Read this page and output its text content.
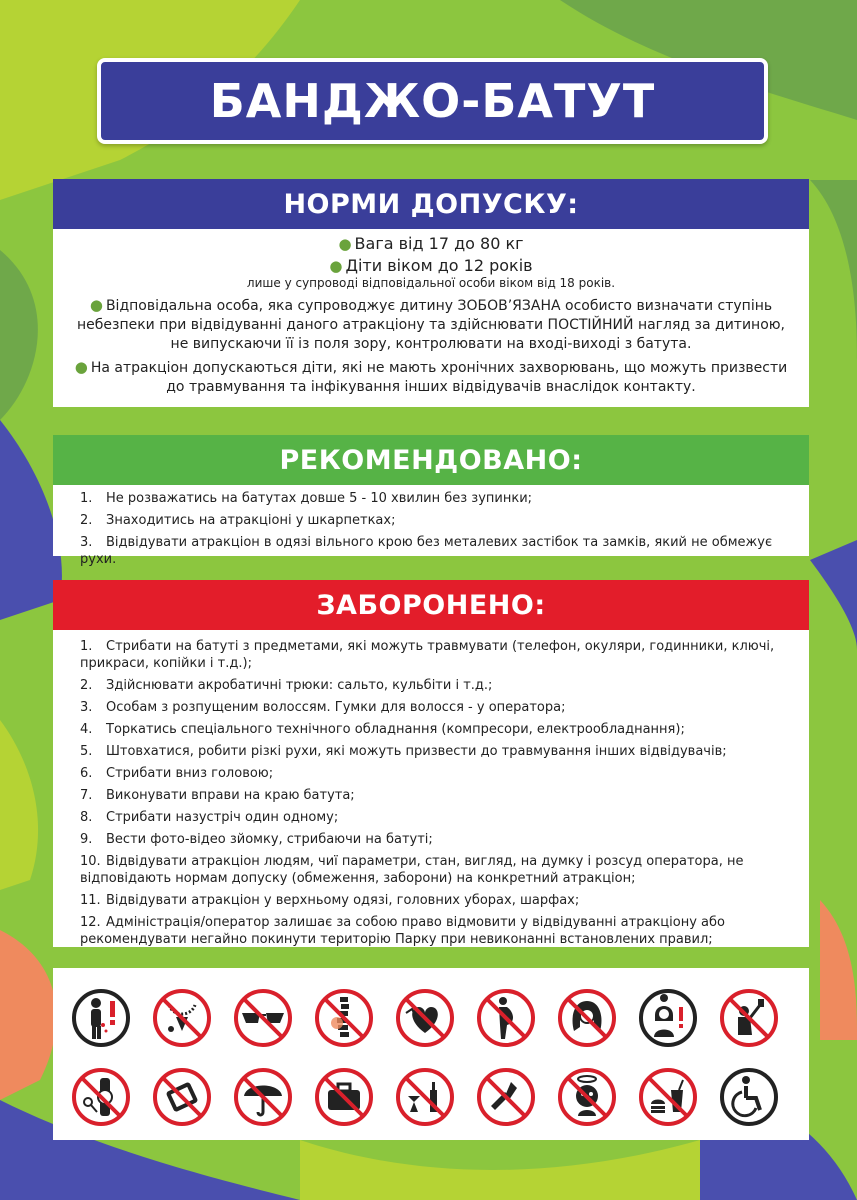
БАНДЖО-БАТУТ
НОРМИ ДОПУСКУ:
● Вага від 17 до 80 кг
● Діти віком до 12 років
лише у супроводі відповідальної особи віком від 18 років.
● Відповідальна особа, яка супроводжує дитину ЗОБОВ’ЯЗАНА особисто визначати ступінь небезпеки при відвідуванні даного атракціону та здійснювати ПОСТІЙНИЙ нагляд за дитиною, не випускаючи її із поля зору, контролювати на вході-виході з батута.
● На атракціон допускаються діти, які не мають хронічних захворювань, що можуть призвести до травмування та інфікування інших відвідувачів внаслідок контакту.
РЕКОМЕНДОВАНО:
1. Не розважатись на батутах довше 5 - 10 хвилин без зупинки;
2. Знаходитись на атракціоні у шкарпетках;
3. Відвідувати атракціон в одязі вільного крою без металевих застібок та замків, який не обмежує рухи.
ЗАБОРОНЕНО:
1. Стрибати на батуті з предметами, які можуть травмувати (телефон, окуляри, годинники, ключі, прикраси, копійки і т.д.);
2. Здійснювати акробатичні трюки: сальто, кульбіти і т.д.;
3. Особам з розпущеним волоссям. Гумки для волосся - у оператора;
4. Торкатись спеціального технічного обладнання (компресори, електрообладнання);
5. Штовхатися, робити різкі рухи, які можуть призвести до травмування інших відвідувачів;
6. Стрибати вниз головою;
7. Виконувати вправи на краю батута;
8. Стрибати назустріч один одному;
9. Вести фото-відео зйомку, стрибаючи на батуті;
10. Відвідувати атракціон людям, чиї параметри, стан, вигляд, на думку і розсуд оператора, не відповідають нормам допуску (обмеження, заборони) на конкретний атракціон;
11. Відвідувати атракціон у верхньому одязі, головних уборах, шарфах;
12. Адміністрація/оператор залишає за собою право відмовити у відвідуванні атракціону або рекомендувати негайно покинути територію Парку при невиконанні встановлених правил;
